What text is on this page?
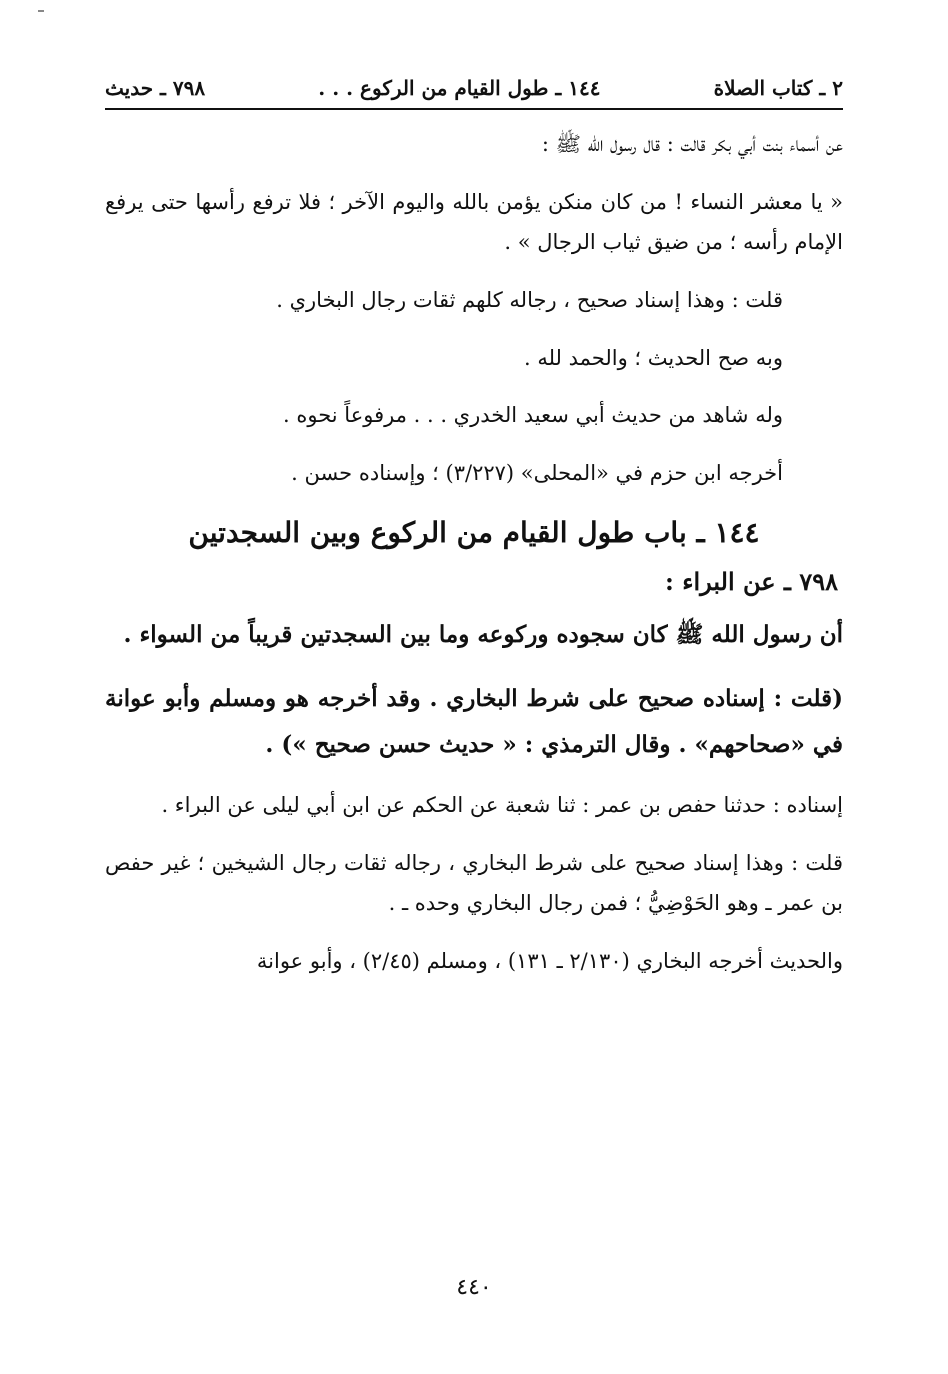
٢ ـ كتاب الصلاة
١٤٤ ـ طول القيام من الركوع . . .
٧٩٨ ـ حديث

عن أسماء بنت أبي بكر قالت : قال رسول الله ﷺ :

« يا معشر النساء ! من كان منكن يؤمن بالله واليوم الآخر ؛ فلا ترفع رأسها حتى يرفع الإمام رأسه ؛ من ضيق ثياب الرجال » .

قلت : وهذا إسناد صحيح ، رجاله كلهم ثقات رجال البخاري .

وبه صح الحديث ؛ والحمد لله .

وله شاهد من حديث أبي سعيد الخدري . . . مرفوعاً نحوه .

أخرجه ابن حزم في «المحلى» (٣/٢٢٧) ؛ وإسناده حسن .

١٤٤ ـ باب طول القيام من الركوع وبين السجدتين
٧٩٨ ـ عن البراء :

أن رسول الله ﷺ كان سجوده وركوعه وما بين السجدتين قريباً من السواء .

(قلت : إسناده صحيح على شرط البخاري . وقد أخرجه هو ومسلم وأبو عوانة في «صحاحهم» . وقال الترمذي : « حديث حسن صحيح ») .

إسناده : حدثنا حفص بن عمر : ثنا شعبة عن الحكم عن ابن أبي ليلى عن البراء .

قلت : وهذا إسناد صحيح على شرط البخاري ، رجاله ثقات رجال الشيخين ؛ غير حفص بن عمر ـ وهو الحَوْضِيُّ ؛ فمن رجال البخاري وحده ـ .

والحديث أخرجه البخاري (٢/١٣٠ ـ ١٣١) ، ومسلم (٢/٤٥) ، وأبو عوانة

٤٤٠
